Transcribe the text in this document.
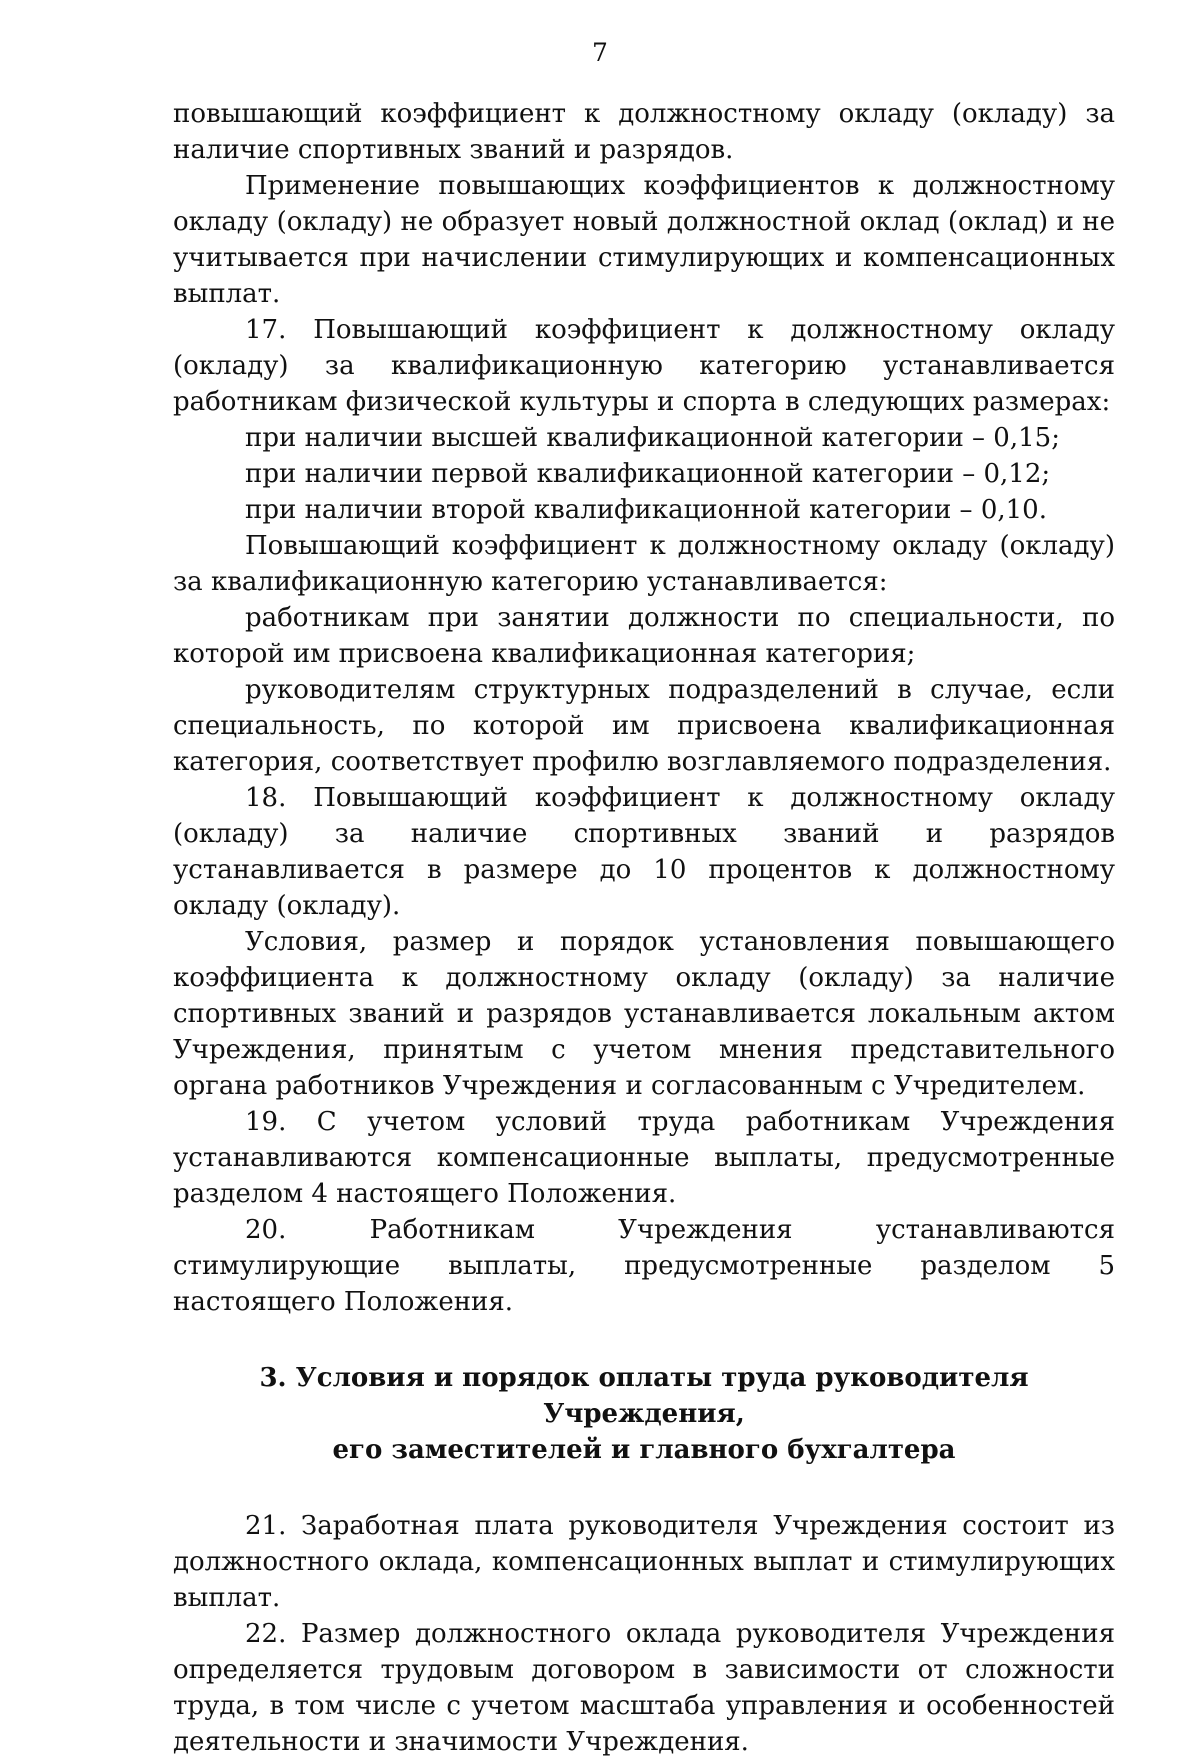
7

повышающий коэффициент к должностному окладу (окладу) за наличие спортивных званий и разрядов.

Применение повышающих коэффициентов к должностному окладу (окладу) не образует новый должностной оклад (оклад) и не учитывается при начислении стимулирующих и компенсационных выплат.

17. Повышающий коэффициент к должностному окладу (окладу) за квалификационную категорию устанавливается работникам физической культуры и спорта в следующих размерах:

при наличии высшей квалификационной категории – 0,15;

при наличии первой квалификационной категории – 0,12;

при наличии второй квалификационной категории – 0,10.

Повышающий коэффициент к должностному окладу (окладу) за квалификационную категорию устанавливается:

работникам при занятии должности по специальности, по которой им присвоена квалификационная категория;

руководителям структурных подразделений в случае, если специальность, по которой им присвоена квалификационная категория, соответствует профилю возглавляемого подразделения.

18. Повышающий коэффициент к должностному окладу (окладу) за наличие спортивных званий и разрядов устанавливается в размере до 10 процентов к должностному окладу (окладу).

Условия, размер и порядок установления повышающего коэффициента к должностному окладу (окладу) за наличие спортивных званий и разрядов устанавливается локальным актом Учреждения, принятым с учетом мнения представительного органа работников Учреждения и согласованным с Учредителем.

19. С учетом условий труда работникам Учреждения устанавливаются компенсационные выплаты, предусмотренные разделом 4 настоящего Положения.

20. Работникам Учреждения устанавливаются стимулирующие выплаты, предусмотренные разделом 5 настоящего Положения.

3. Условия и порядок оплаты труда руководителя Учреждения,
его заместителей и главного бухгалтера

21. Заработная плата руководителя Учреждения состоит из должностного оклада, компенсационных выплат и стимулирующих выплат.

22. Размер должностного оклада руководителя Учреждения определяется трудовым договором в зависимости от сложности труда, в том числе с учетом масштаба управления и особенностей деятельности и значимости Учреждения.
